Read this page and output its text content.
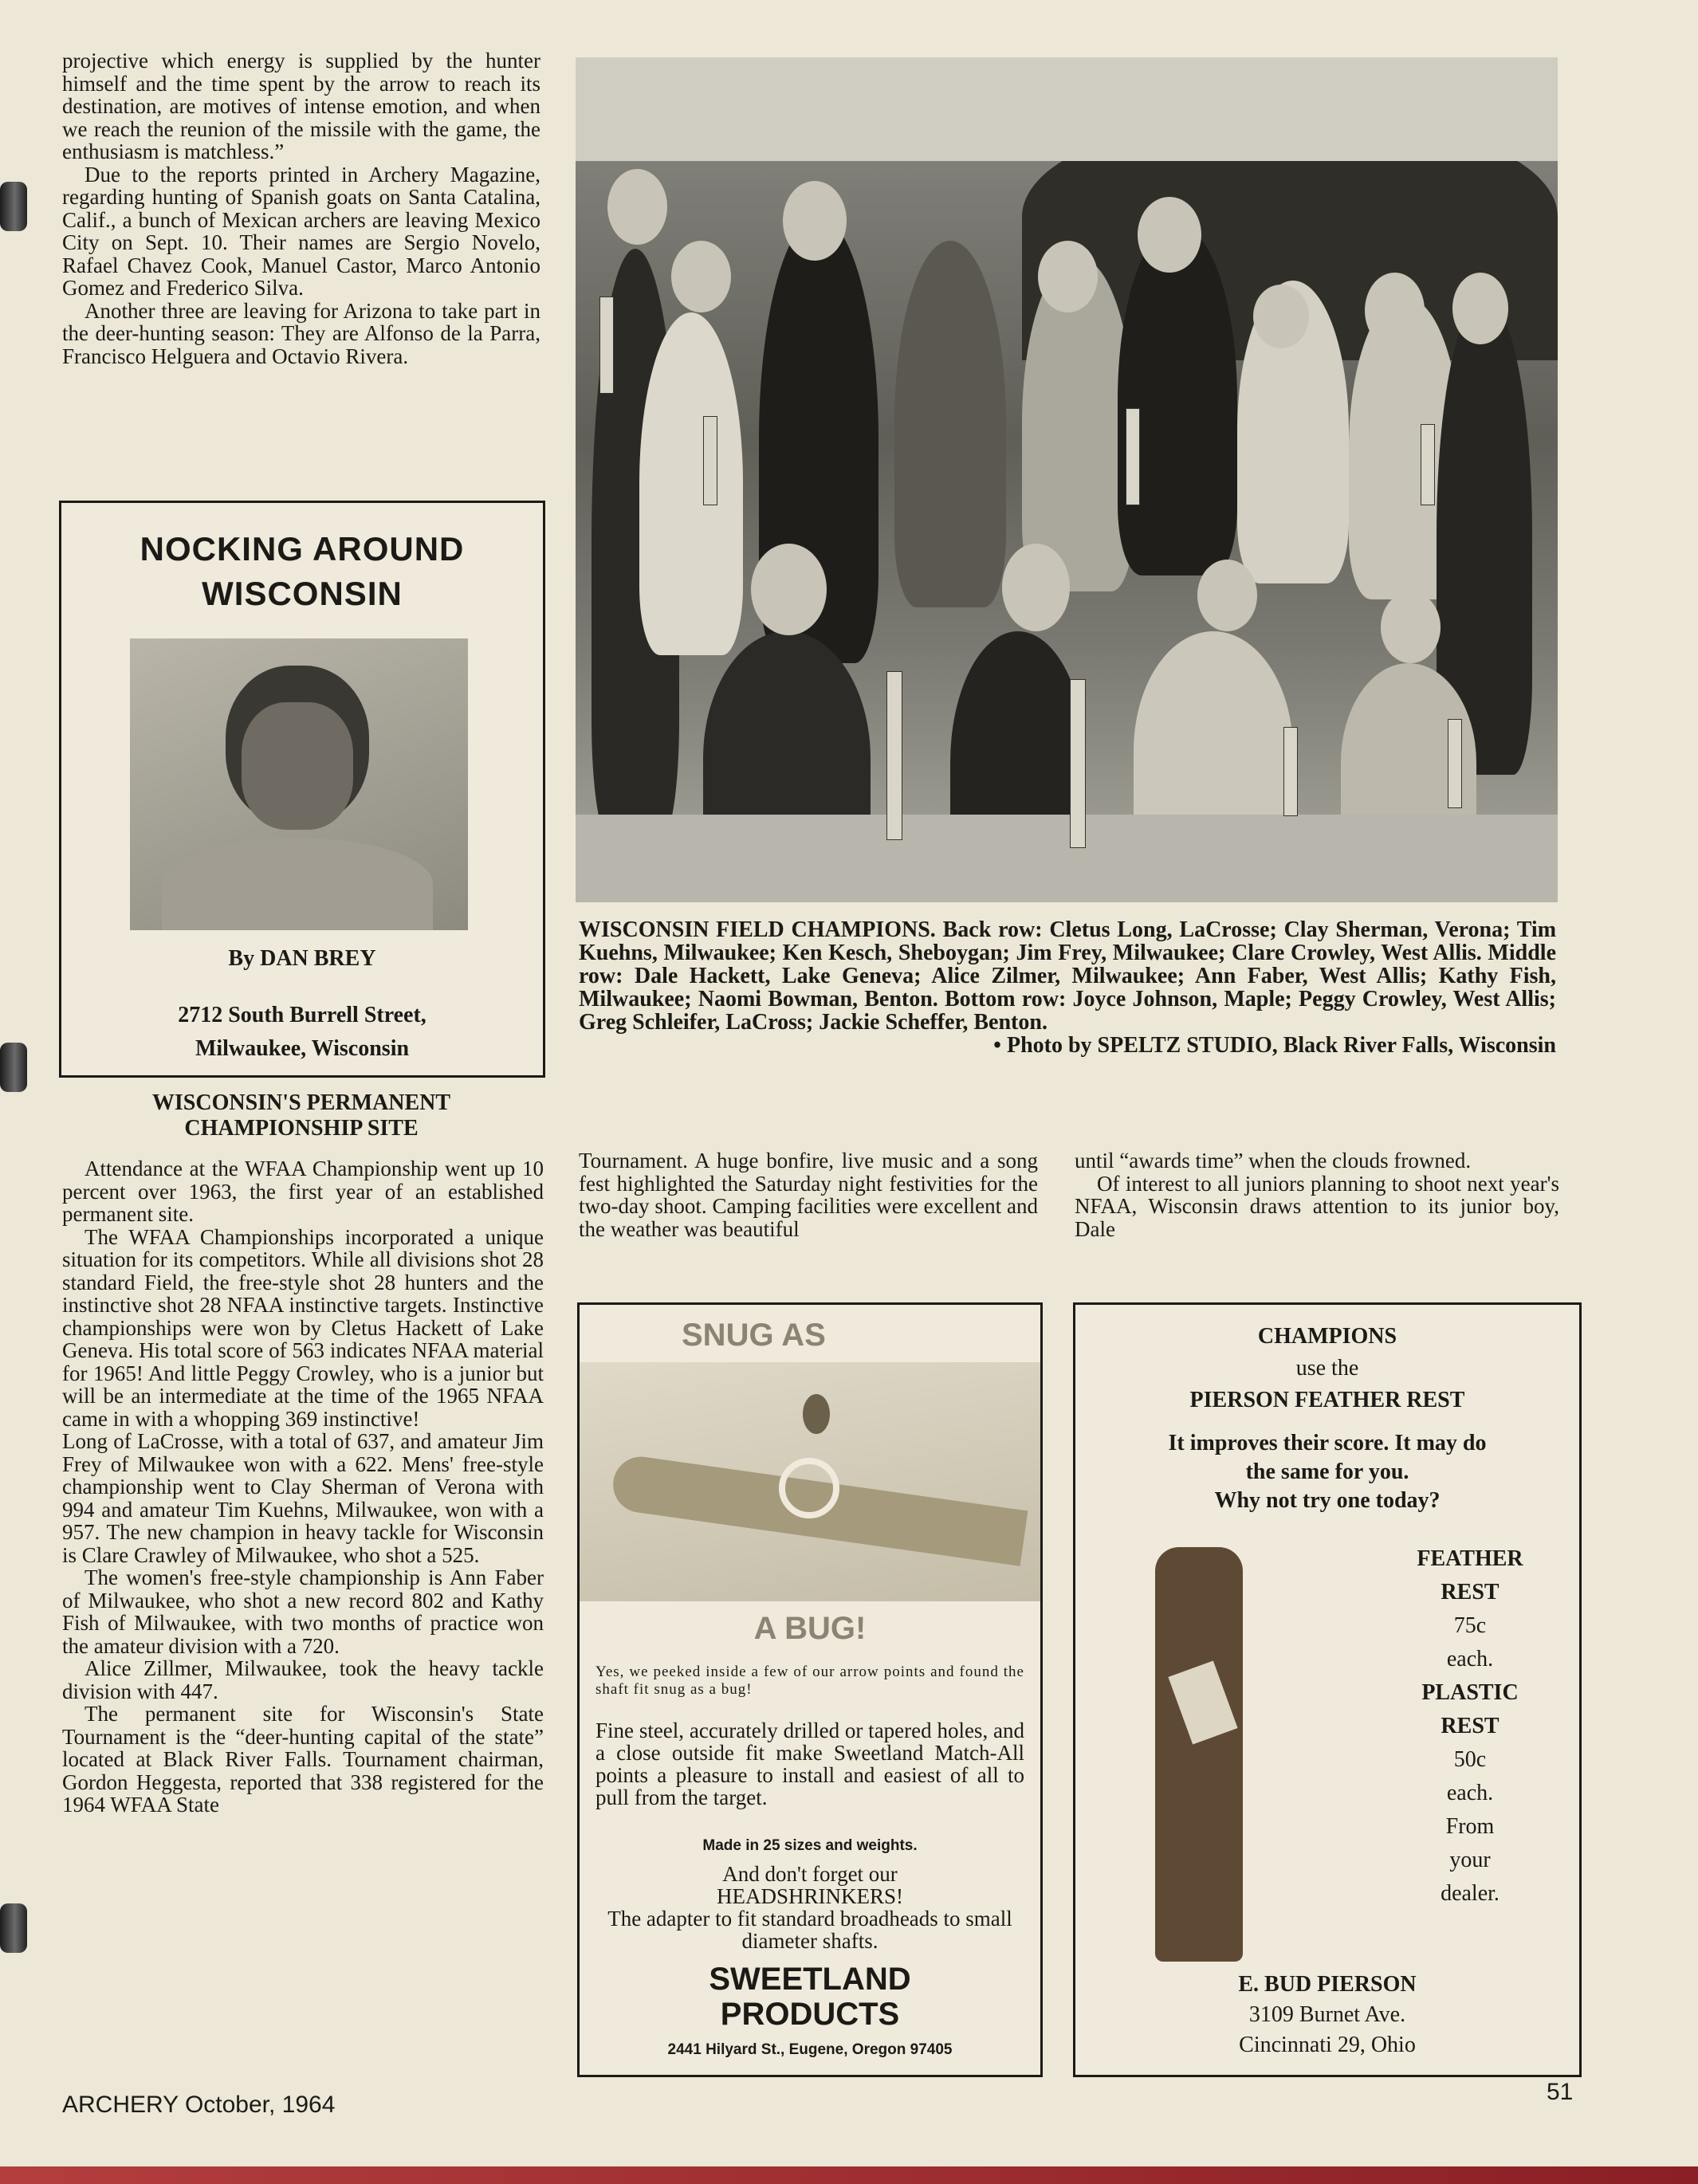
projective which energy is supplied by the hunter himself and the time spent by the arrow to reach its destination, are motives of intense emotion, and when we reach the reunion of the missile with the game, the enthusiasm is matchless.”

Due to the reports printed in Archery Magazine, regarding hunting of Spanish goats on Santa Catalina, Calif., a bunch of Mexican archers are leaving Mexico City on Sept. 10. Their names are Sergio Novelo, Rafael Chavez Cook, Manuel Castor, Marco Antonio Gomez and Frederico Silva.

Another three are leaving for Arizona to take part in the deer-hunting season: They are Alfonso de la Parra, Francisco Helguera and Octavio Rivera.

NOCKING AROUND
WISCONSIN
By DAN BREY
2712 South Burrell Street,
Milwaukee, Wisconsin
WISCONSIN FIELD CHAMPIONS. Back row: Cletus Long, LaCrosse; Clay Sherman, Verona; Tim Kuehns, Milwaukee; Ken Kesch, Sheboygan; Jim Frey, Milwaukee; Clare Crowley, West Allis. Middle row: Dale Hackett, Lake Geneva; Alice Zilmer, Milwaukee; Ann Faber, West Allis; Kathy Fish, Milwaukee; Naomi Bowman, Benton. Bottom row: Joyce Johnson, Maple; Peggy Crowley, West Allis; Greg Schleifer, LaCross; Jackie Scheffer, Benton.
• Photo by SPELTZ STUDIO, Black River Falls, Wisconsin
WISCONSIN'S PERMANENT
CHAMPIONSHIP SITE

Attendance at the WFAA Championship went up 10 percent over 1963, the first year of an established permanent site.

The WFAA Championships incorporated a unique situation for its competitors. While all divisions shot 28 standard Field, the free-style shot 28 hunters and the instinctive shot 28 NFAA instinctive targets. Instinctive championships were won by Cletus Hackett of Lake Geneva. His total score of 563 indicates NFAA material for 1965! And little Peggy Crowley, who is a junior but will be an intermediate at the time of the 1965 NFAA came in with a whopping 369 instinctive!

Long of LaCrosse, with a total of 637, and amateur Jim Frey of Milwaukee won with a 622. Mens' free-style championship went to Clay Sherman of Verona with 994 and amateur Tim Kuehns, Milwaukee, won with a 957. The new champion in heavy tackle for Wisconsin is Clare Crawley of Milwaukee, who shot a 525.

The women's free-style championship is Ann Faber of Milwaukee, who shot a new record 802 and Kathy Fish of Milwaukee, with two months of practice won the amateur division with a 720.

Alice Zillmer, Milwaukee, took the heavy tackle division with 447.

The permanent site for Wisconsin's State Tournament is the “deer-hunting capital of the state” located at Black River Falls. Tournament chairman, Gordon Heggesta, reported that 338 registered for the 1964 WFAA State

Tournament. A huge bonfire, live music and a song fest highlighted the Saturday night festivities for the two-day shoot. Camping facilities were excellent and the weather was beautiful

until “awards time” when the clouds frowned.

Of interest to all juniors planning to shoot next year's NFAA, Wisconsin draws attention to its junior boy, Dale

SNUG AS
A BUG!
Yes, we peeked inside a few of our arrow points and found the shaft fit snug as a bug!
Fine steel, accurately drilled or tapered holes, and a close outside fit make Sweetland Match-All points a pleasure to install and easiest of all to pull from the target.
Made in 25 sizes and weights.
And don't forget our
HEADSHRINKERS!
The adapter to fit standard broadheads to small diameter shafts.
SWEETLAND
PRODUCTS
2441 Hilyard St., Eugene, Oregon 97405
CHAMPIONS
use the
PIERSON FEATHER REST
It improves their score. It may do
the same for you.
Why not try one today?
FEATHER
REST
75c
each.
PLASTIC
REST
50c
each.
From
your
dealer.
E. BUD PIERSON
3109 Burnet Ave.
Cincinnati 29, Ohio
ARCHERY October, 1964	51
